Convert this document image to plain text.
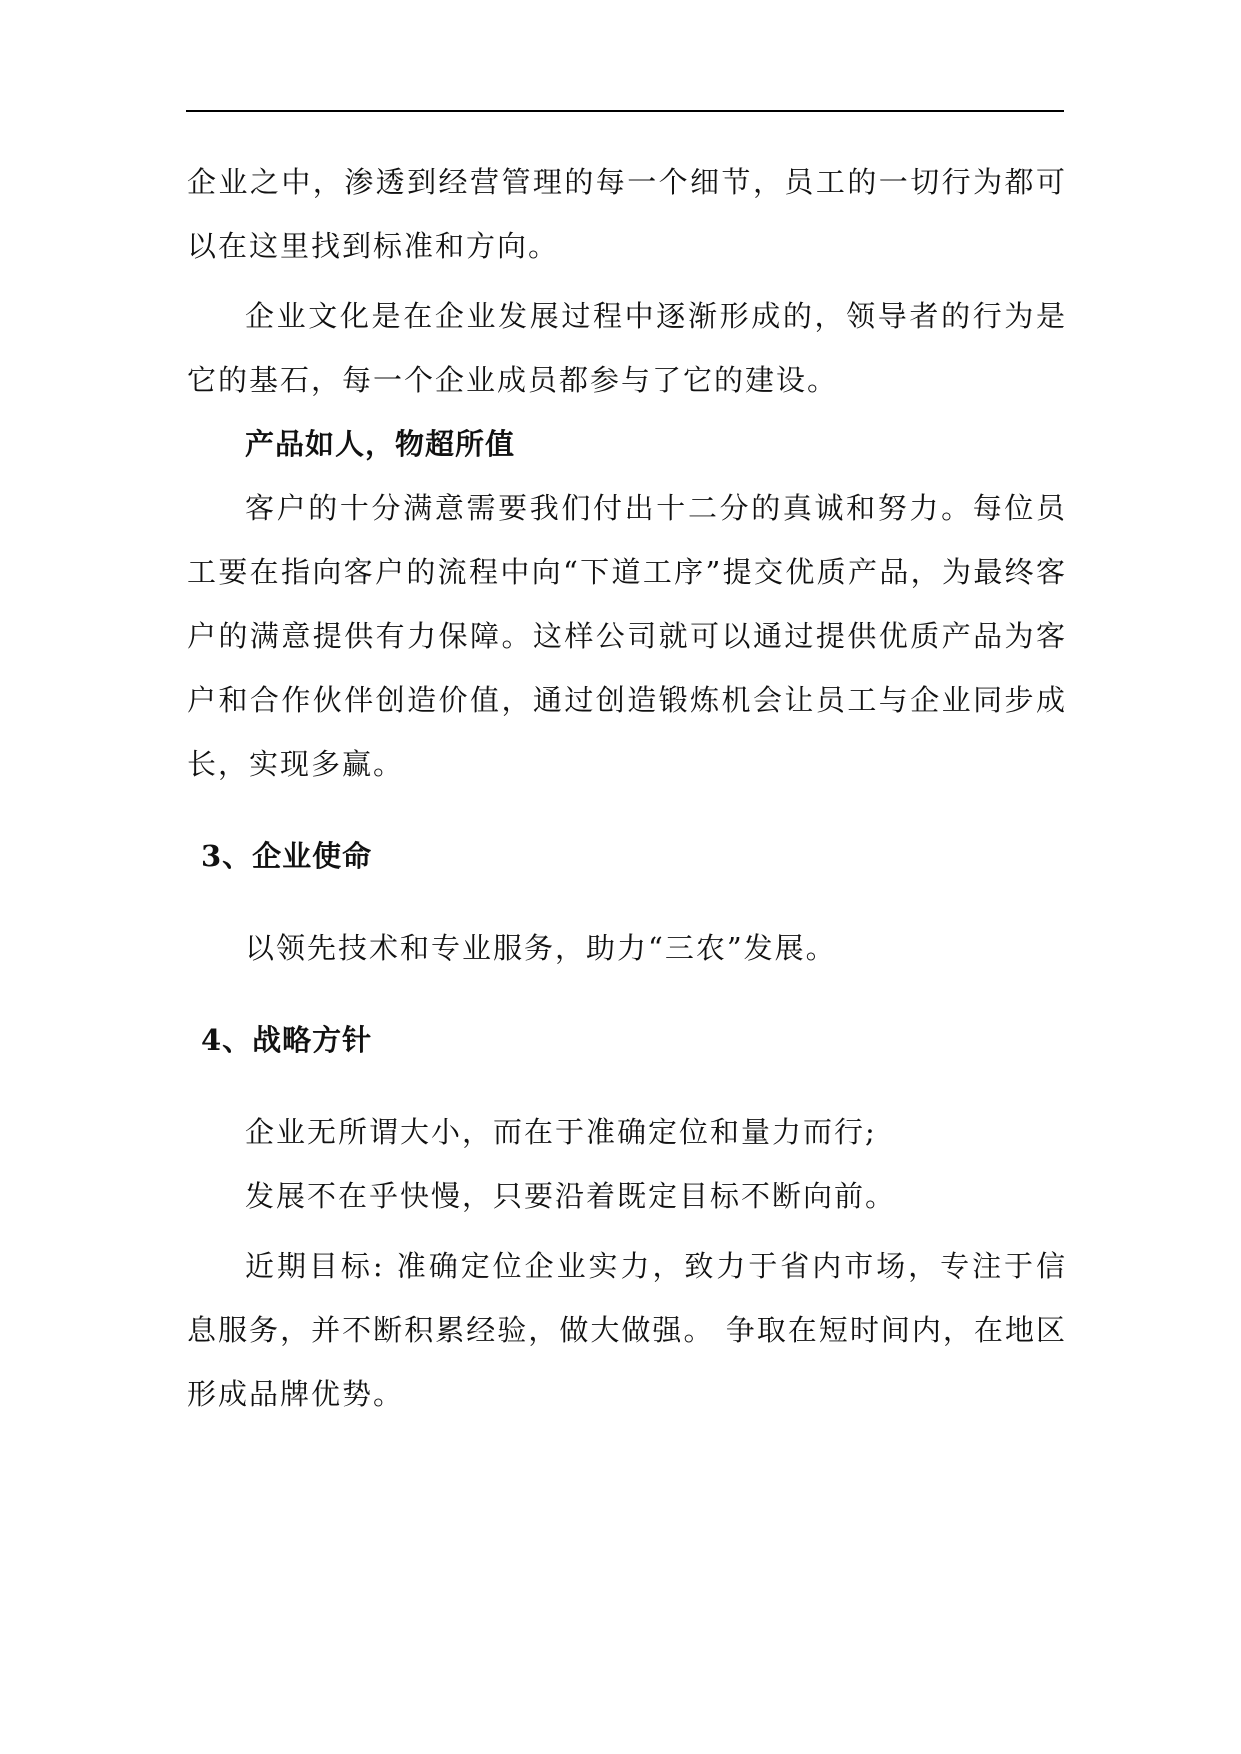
企业之中，渗透到经营管理的每一个细节，员工的一切行为都可以在这里找到标准和方向。

企业文化是在企业发展过程中逐渐形成的，领导者的行为是它的基石，每一个企业成员都参与了它的建设。

产品如人，物超所值

客户的十分满意需要我们付出十二分的真诚和努力。每位员工要在指向客户的流程中向“下道工序”提交优质产品，为最终客户的满意提供有力保障。这样公司就可以通过提供优质产品为客户和合作伙伴创造价值，通过创造锻炼机会让员工与企业同步成长，实现多赢。

3、企业使命

以领先技术和专业服务，助力“三农”发展。

4、战略方针

企业无所谓大小，而在于准确定位和量力而行;

发展不在乎快慢，只要沿着既定目标不断向前。

近期目标: 准确定位企业实力，致力于省内市场，专注于信息服务，并不断积累经验，做大做强。 争取在短时间内，在地区形成品牌优势。
